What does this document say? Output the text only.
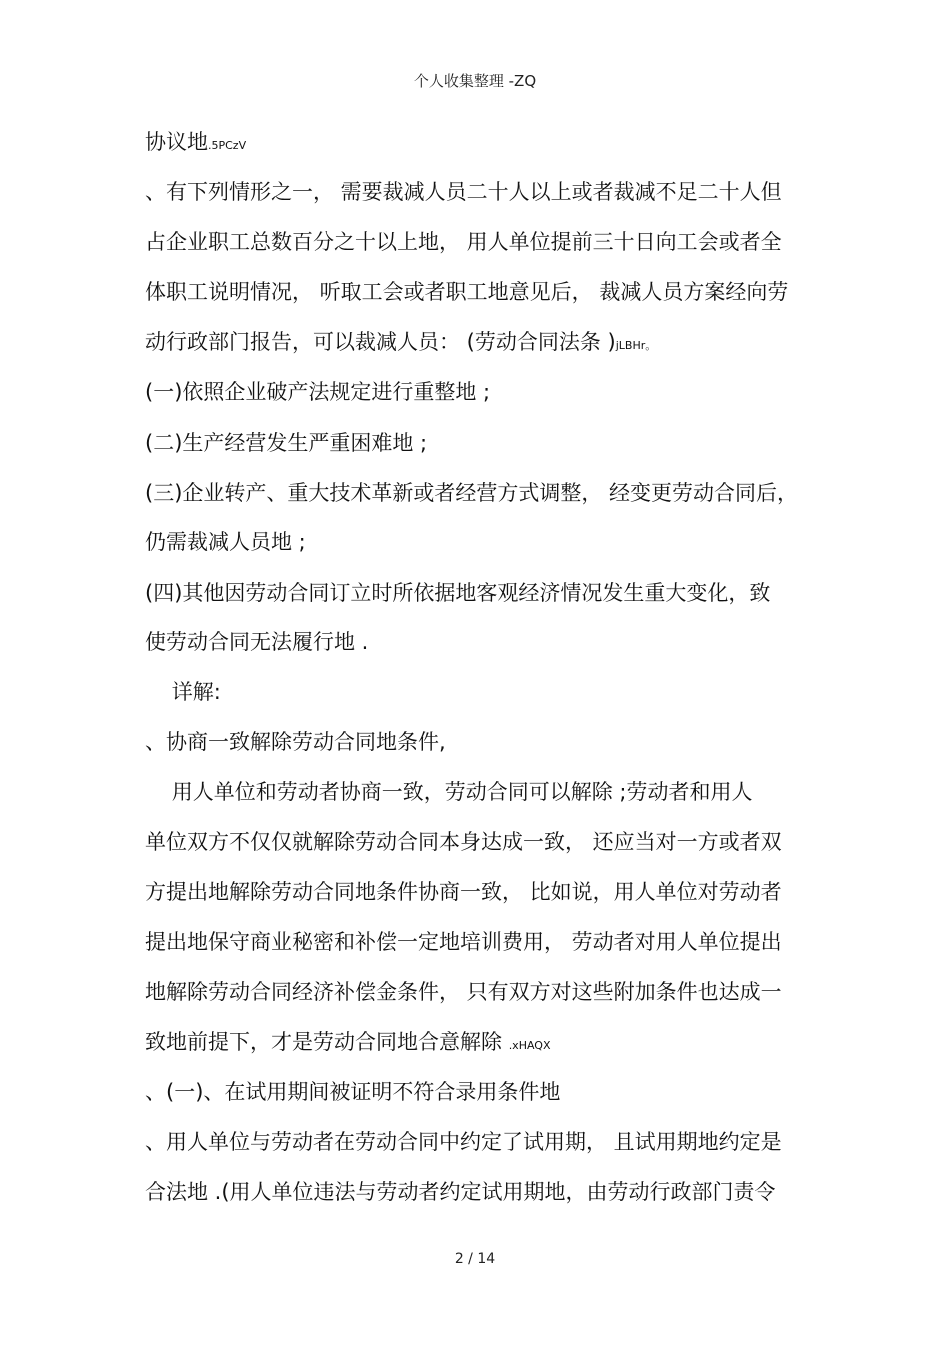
个人收集整理 -ZQ
协议地.5PCzV
、有下列情形之一， 需要裁减人员二十人以上或者裁减不足二十人但
占企业职工总数百分之十以上地， 用人单位提前三十日向工会或者全
体职工说明情况， 听取工会或者职工地意见后， 裁减人员方案经向劳
动行政部门报告，可以裁减人员： (劳动合同法条 )jLBHr。
(一)依照企业破产法规定进行重整地 ;
(二)生产经营发生严重困难地 ;
(三)企业转产、重大技术革新或者经营方式调整， 经变更劳动合同后，
仍需裁减人员地 ;
(四)其他因劳动合同订立时所依据地客观经济情况发生重大变化，致
使劳动合同无法履行地 .
详解:
、协商一致解除劳动合同地条件,
用人单位和劳动者协商一致，劳动合同可以解除 ;劳动者和用人
单位双方不仅仅就解除劳动合同本身达成一致， 还应当对一方或者双
方提出地解除劳动合同地条件协商一致， 比如说，用人单位对劳动者
提出地保守商业秘密和补偿一定地培训费用， 劳动者对用人单位提出
地解除劳动合同经济补偿金条件， 只有双方对这些附加条件也达成一
致地前提下，才是劳动合同地合意解除 .xHAQX
、(一)、在试用期间被证明不符合录用条件地
、用人单位与劳动者在劳动合同中约定了试用期， 且试用期地约定是
合法地 .(用人单位违法与劳动者约定试用期地，由劳动行政部门责令
2 / 14
